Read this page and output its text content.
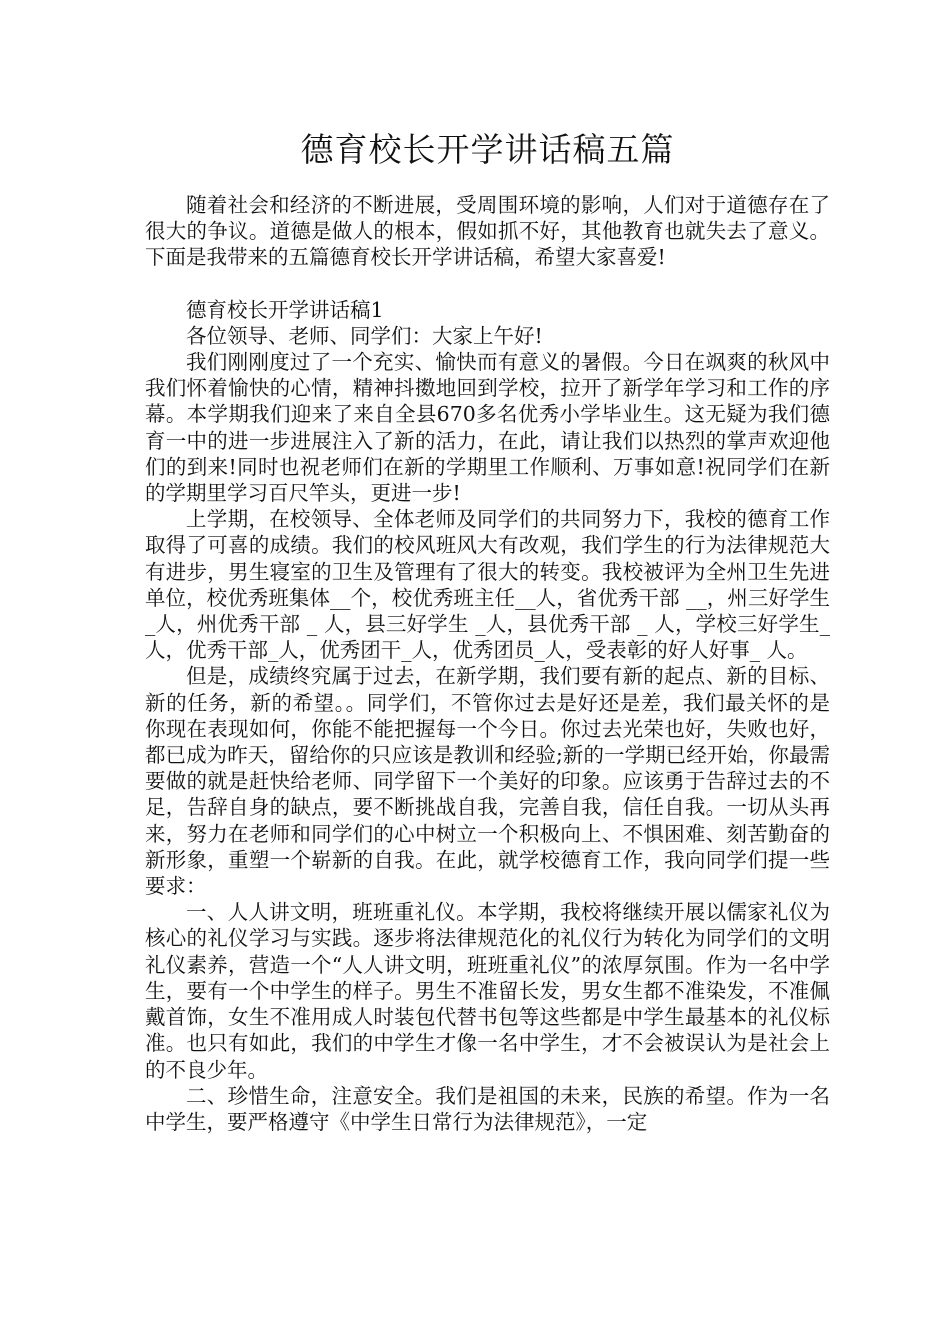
德育校长开学讲话稿五篇

随着社会和经济的不断进展，受周围环境的影响，人们对于道德存在了很大的争议。道德是做人的根本，假如抓不好，其他教育也就失去了意义。下面是我带来的五篇德育校长开学讲话稿，希望大家喜爱!

德育校长开学讲话稿1

各位领导、老师、同学们：大家上午好!

我们刚刚度过了一个充实、愉快而有意义的暑假。今日在飒爽的秋风中我们怀着愉快的心情，精神抖擞地回到学校，拉开了新学年学习和工作的序幕。本学期我们迎来了来自全县670多名优秀小学毕业生。这无疑为我们德育一中的进一步进展注入了新的活力，在此，请让我们以热烈的掌声欢迎他们的到来!同时也祝老师们在新的学期里工作顺利、万事如意!祝同学们在新的学期里学习百尺竿头，更进一步!

上学期，在校领导、全体老师及同学们的共同努力下，我校的德育工作取得了可喜的成绩。我们的校风班风大有改观，我们学生的行为法律规范大有进步，男生寝室的卫生及管理有了很大的转变。我校被评为全州卫生先进单位，校优秀班集体__个，校优秀班主任__人，省优秀干部 __，州三好学生 _人，州优秀干部 _ 人，县三好学生 _人，县优秀干部 _ 人，学校三好学生_ 人，优秀干部_人，优秀团干_人，优秀团员_人，受表彰的好人好事_ 人。

但是，成绩终究属于过去，在新学期，我们要有新的起点、新的目标、新的任务，新的希望。。同学们，不管你过去是好还是差，我们最关怀的是你现在表现如何，你能不能把握每一个今日。你过去光荣也好，失败也好，都已成为昨天，留给你的只应该是教训和经验;新的一学期已经开始，你最需要做的就是赶快给老师、同学留下一个美好的印象。应该勇于告辞过去的不足，告辞自身的缺点，要不断挑战自我，完善自我，信任自我。一切从头再来，努力在老师和同学们的心中树立一个积极向上、不惧困难、刻苦勤奋的新形象，重塑一个崭新的自我。在此，就学校德育工作，我向同学们提一些要求：

一、人人讲文明，班班重礼仪。本学期，我校将继续开展以儒家礼仪为核心的礼仪学习与实践。逐步将法律规范化的礼仪行为转化为同学们的文明礼仪素养，营造一个“人人讲文明，班班重礼仪”的浓厚氛围。作为一名中学生，要有一个中学生的样子。男生不准留长发，男女生都不准染发，不准佩戴首饰，女生不准用成人时装包代替书包等这些都是中学生最基本的礼仪标准。也只有如此，我们的中学生才像一名中学生，才不会被误认为是社会上的不良少年。

二、珍惜生命，注意安全。我们是祖国的未来，民族的希望。作为一名中学生，要严格遵守《中学生日常行为法律规范》，一定
